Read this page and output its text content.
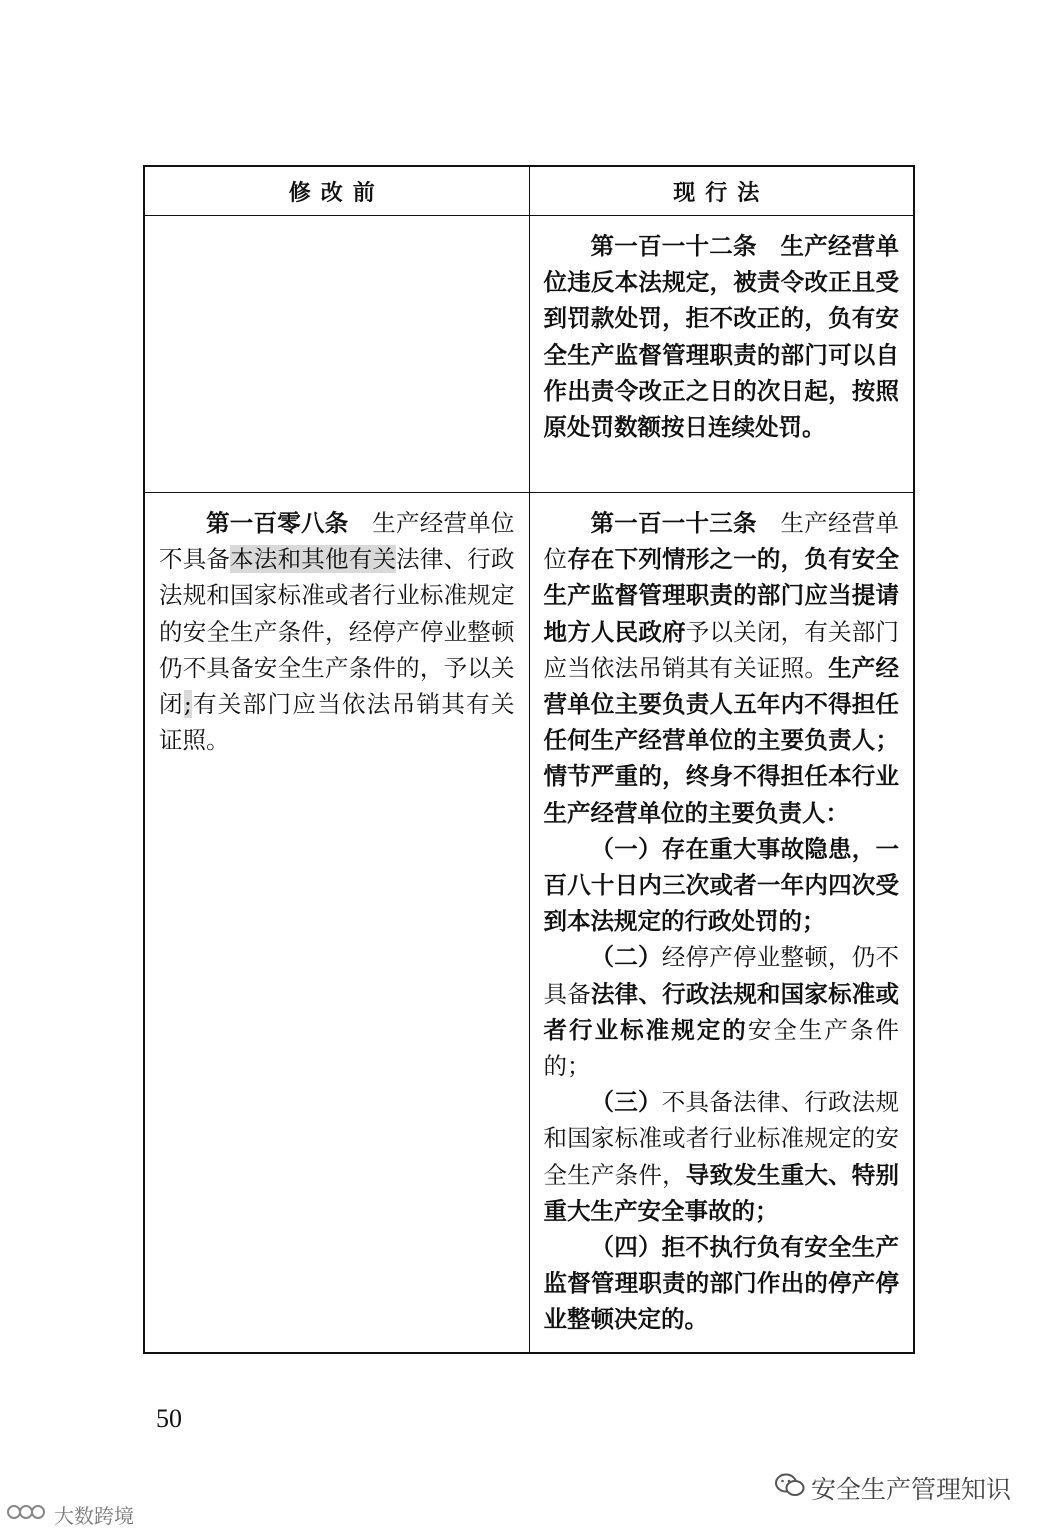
修改前	现行法

	第一百一十二条　生产经营单位违反本法规定，被责令改正且受到罚款处罚，拒不改正的，负有安全生产监督管理职责的部门可以自作出责令改正之日的次日起，按照原处罚数额按日连续处罚。

第一百零八条　生产经营单位不具备本法和其他有关法律、行政法规和国家标准或者行业标准规定的安全生产条件，经停产停业整顿仍不具备安全生产条件的，予以关闭;有关部门应当依法吊销其有关证照。	第一百一十三条　生产经营单位存在下列情形之一的，负有安全生产监督管理职责的部门应当提请地方人民政府予以关闭，有关部门应当依法吊销其有关证照。生产经营单位主要负责人五年内不得担任任何生产经营单位的主要负责人；情节严重的，终身不得担任本行业生产经营单位的主要负责人：

（一）存在重大事故隐患，一百八十日内三次或者一年内四次受到本法规定的行政处罚的；

（二）经停产停业整顿，仍不具备法律、行政法规和国家标准或者行业标准规定的安全生产条件的；

（三）不具备法律、行政法规和国家标准或者行业标准规定的安全生产条件，导致发生重大、特别重大生产安全事故的；

（四）拒不执行负有安全生产监督管理职责的部门作出的停产停业整顿决定的。

50
安全生产管理知识
大数跨境
